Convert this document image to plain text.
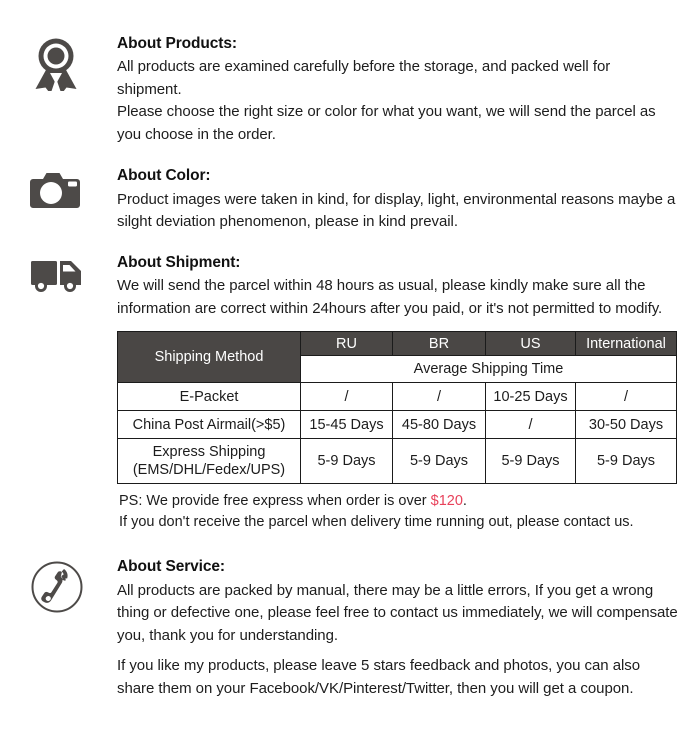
About Products:

All products are examined carefully before the storage, and packed well for shipment.

Please choose the right size or color for what you want, we will send the parcel as you choose in the order.

About Color:

Product images were taken in kind, for display, light, environmental reasons maybe a silght deviation phenomenon, please in kind prevail.

About Shipment:

We will send the parcel within 48 hours as usual, please kindly make sure all the information are correct within 24hours after you paid, or it's not permitted to modify.

Shipping Method	RU	BR	US	International
	Average Shipping Time			
E-Packet	/	/	10-25 Days	/
China Post Airmail(>$5)	15-45 Days	45-80 Days	/	30-50 Days

Express Shipping
(EMS/DHL/Fedex/UPS)	5-9 Days	5-9 Days	5-9 Days	5-9 Days

PS: We provide free express when order is over $120.

If you don't receive the parcel when delivery time running out, please contact us.

About Service:

All products are packed by manual, there may be a little errors, If you get a wrong thing or defective one, please feel free to contact us immediately, we will compensate you, thank you for understanding.

If you like my products, please leave 5 stars feedback and photos, you can also share them on your Facebook/VK/Pinterest/Twitter, then you will get a coupon.
